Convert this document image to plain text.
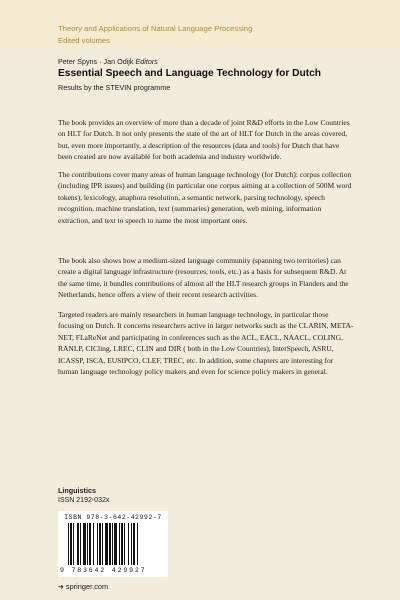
Theory and Applications of Natural Language Processing
Edited volumes
Peter Spyns · Jan Odijk Editors
Essential Speech and Language Technology for Dutch
Results by the STEVIN programme
The book provides an overview of more than a decade of joint R&D efforts in the Low Countries on HLT for Dutch. It not only presents the state of the art of HLT for Dutch in the areas covered, but, even more importantly, a description of the resources (data and tools) for Dutch that have been created are now available for both academia and industry worldwide.
The contributions cover many areas of human language technology (for Dutch): corpus collection (including IPR issues) and building (in particular one corpus aiming at a collection of 500M word tokens), lexicology, anaphora resolution, a semantic network, parsing technology, speech recognition, machine translation, text (summaries) generation, web mining, information extraction, and text to speech to name the most important ones.
The book also shows how a medium-sized language community (spanning two territories) can create a digital language infrastructure (resources, tools, etc.) as a basis for subsequent R&D. At the same time, it bundles contributions of almost all the HLT research groups in Flanders and the Netherlands, hence offers a view of their recent research activities.
Targeted readers are mainly researchers in human language technology, in particular those focusing on Dutch. It concerns researchers active in larger networks such as the CLARIN, META-NET, FLaReNet and participating in conferences such as the ACL, EACL, NAACL, COLING, RANLP, CICling, LREC, CLIN and DIR ( both in the Low Countries), InterSpeech, ASRU, ICASSP, ISCA, EUSIPCO, CLEF, TREC, etc. In addition, some chapters are interesting for human language technology policy makers and even for science policy makers in general.
Linguistics
ISSN 2192-032x
ISBN 978-3-642-42992-7
9 783642 429927
➜ springer.com
